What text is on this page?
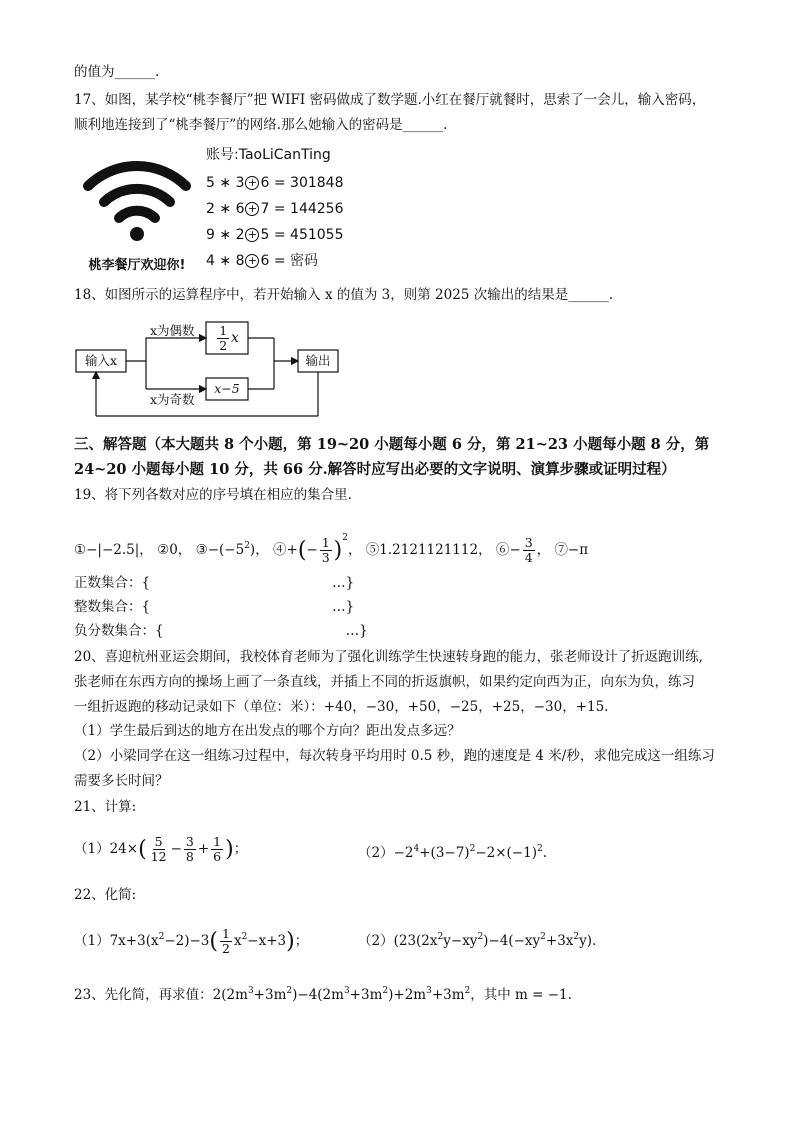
的值为______.
17、如图，某学校“桃李餐厅”把 WIFI 密码做成了数学题.小红在餐厅就餐时，思索了一会儿，输入密码，
顺利地连接到了“桃李餐厅”的网络.那么她输入的密码是______.
桃李餐厅欢迎你!
账号:TaoLiCanTing
5 ∗ 3 + 6 = 301848
2 ∗ 6 + 7 = 144256
9 ∗ 2 + 5 = 451055
4 ∗ 8 + 6 = 密码
18、如图所示的运算程序中，若开始输入 x 的值为 3，则第 2025 次输出的结果是______.
输入x
x为偶数
x为奇数
$\frac{1}{2}$ x
x−5
输出
三、解答题（本大题共 8 个小题，第 19~20 小题每小题 6 分，第 21~23 小题每小题 8 分，第
24~20 小题每小题 10 分，共 66 分.解答时应写出必要的文字说明、演算步骤或证明过程）
19、将下列各数对应的序号填在相应的集合里.
①−|−2.5|， ②0， $③-(-5^2)$， ④+(− $\frac{1}{3} )^2$， ⑤1.2121121112， ⑥− $\frac{3}{4}$ ， ⑦−π
正数集合：{	…}
整数集合：{	…}
负分数集合：{	…}
20、喜迎杭州亚运会期间，我校体育老师为了强化训练学生快速转身跑的能力，张老师设计了折返跑训练,
张老师在东西方向的操场上画了一条直线，并插上不同的折返旗帜，如果约定向西为正，向东为负，练习
一组折返跑的移动记录如下（单位：米）：+40，−30，+50，−25，+25，−30，+15.
（1）学生最后到达的地方在出发点的哪个方向？距出发点多远？
（2）小梁同学在这一组练习过程中，每次转身平均用时 0.5 秒，跑的速度是 4 米/秒，求他完成这一组练习
需要多长时间？
21、计算:
$(1)24\times( \frac{5}{12} - \frac{3}{8} + \frac{1}{6}$ )；	$(2)-2^4+(3-7)^2-2\times(-1)^2$.
22、化简:
$(1)7x+3(x^2-2)-3( \frac{1}{2} x^2-x+3)$；	$(2)(23(2x^2y-xy^2)-4(-xy^2+3x^2y)$.
23、先化简，再求值：$2(2m^3+3m^2)-4(2m^3+3m^2)+2m^3+3m^2$，其中 m = −1.
